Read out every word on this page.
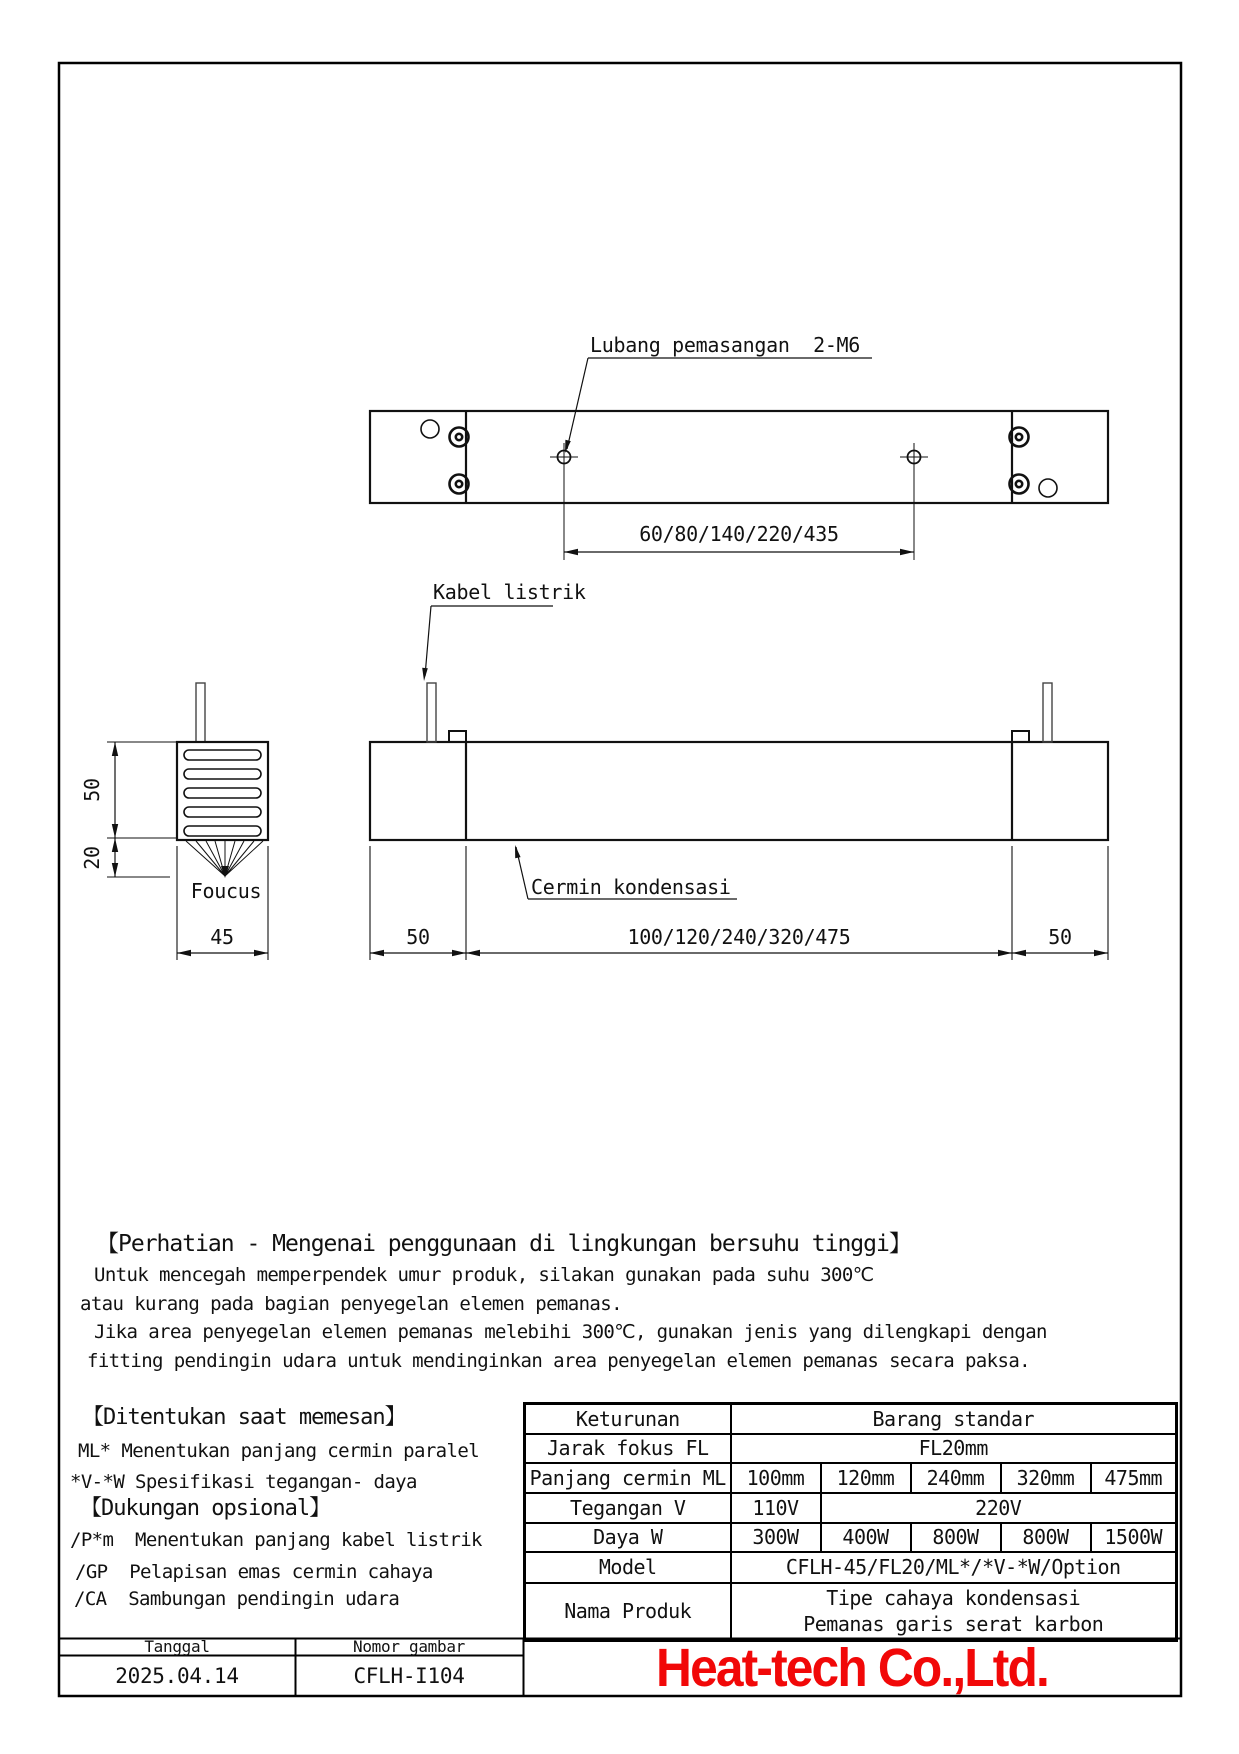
Lubang pemasangan  2-M6
60/80/140/220/435
Kabel listrik
Cermin kondensasi
50	100/120/240/320/475	50
Foucus
50
20
45
Tanggal	Nomor gambar
2025.04.14	CFLH-I104
【Perhatian - Mengenai penggunaan di lingkungan bersuhu tinggi】
Untuk mencegah memperpendek umur produk, silakan gunakan pada suhu 300℃
atau kurang pada bagian penyegelan elemen pemanas.
Jika area penyegelan elemen pemanas melebihi 300℃, gunakan jenis yang dilengkapi dengan
fitting pendingin udara untuk mendinginkan area penyegelan elemen pemanas secara paksa.
【Ditentukan saat memesan】
ML* Menentukan panjang cermin paralel
*V-*W Spesifikasi tegangan- daya
【Dukungan opsional】
/P*m  Menentukan panjang kabel listrik
/GP  Pelapisan emas cermin cahaya
/CA  Sambungan pendingin udara
Keturunan	Barang standar				
Jarak fokus FL	FL20mm				
Panjang cermin ML	100mm	120mm	240mm	320mm	475mm
Tegangan V	110V	220V			
Daya W	300W	400W	800W	800W	1500W
Model	CFLH-45/FL20/ML*/*V-*W/Option				
Nama Produk	Tipe cahaya kondensasi
Pemanas garis serat karbon				
Heat-tech Co.,Ltd.
